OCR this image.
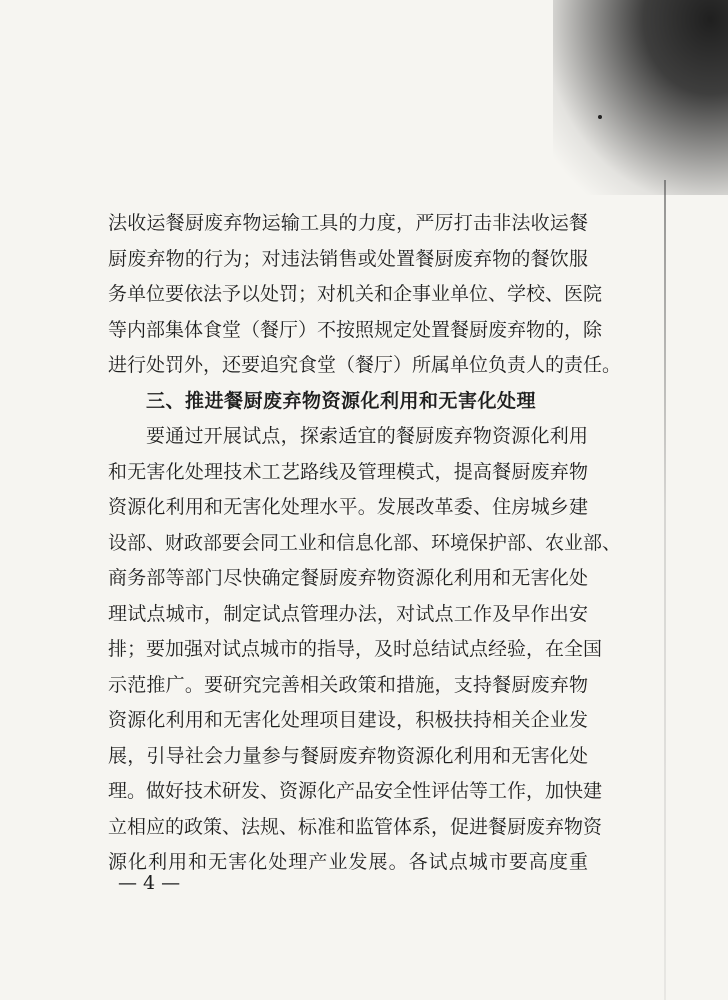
法收运餐厨废弃物运输工具的力度，严厉打击非法收运餐
厨废弃物的行为；对违法销售或处置餐厨废弃物的餐饮服
务单位要依法予以处罚；对机关和企事业单位、学校、医院
等内部集体食堂（餐厅）不按照规定处置餐厨废弃物的，除
进行处罚外，还要追究食堂（餐厅）所属单位负责人的责任。
三、推进餐厨废弃物资源化利用和无害化处理
要通过开展试点，探索适宜的餐厨废弃物资源化利用
和无害化处理技术工艺路线及管理模式，提高餐厨废弃物
资源化利用和无害化处理水平。发展改革委、住房城乡建
设部、财政部要会同工业和信息化部、环境保护部、农业部、
商务部等部门尽快确定餐厨废弃物资源化利用和无害化处
理试点城市，制定试点管理办法，对试点工作及早作出安
排；要加强对试点城市的指导，及时总结试点经验，在全国
示范推广。要研究完善相关政策和措施，支持餐厨废弃物
资源化利用和无害化处理项目建设，积极扶持相关企业发
展，引导社会力量参与餐厨废弃物资源化利用和无害化处
理。做好技术研发、资源化产品安全性评估等工作，加快建
立相应的政策、法规、标准和监管体系，促进餐厨废弃物资
源化利用和无害化处理产业发展。各试点城市要高度重
— 4 —
